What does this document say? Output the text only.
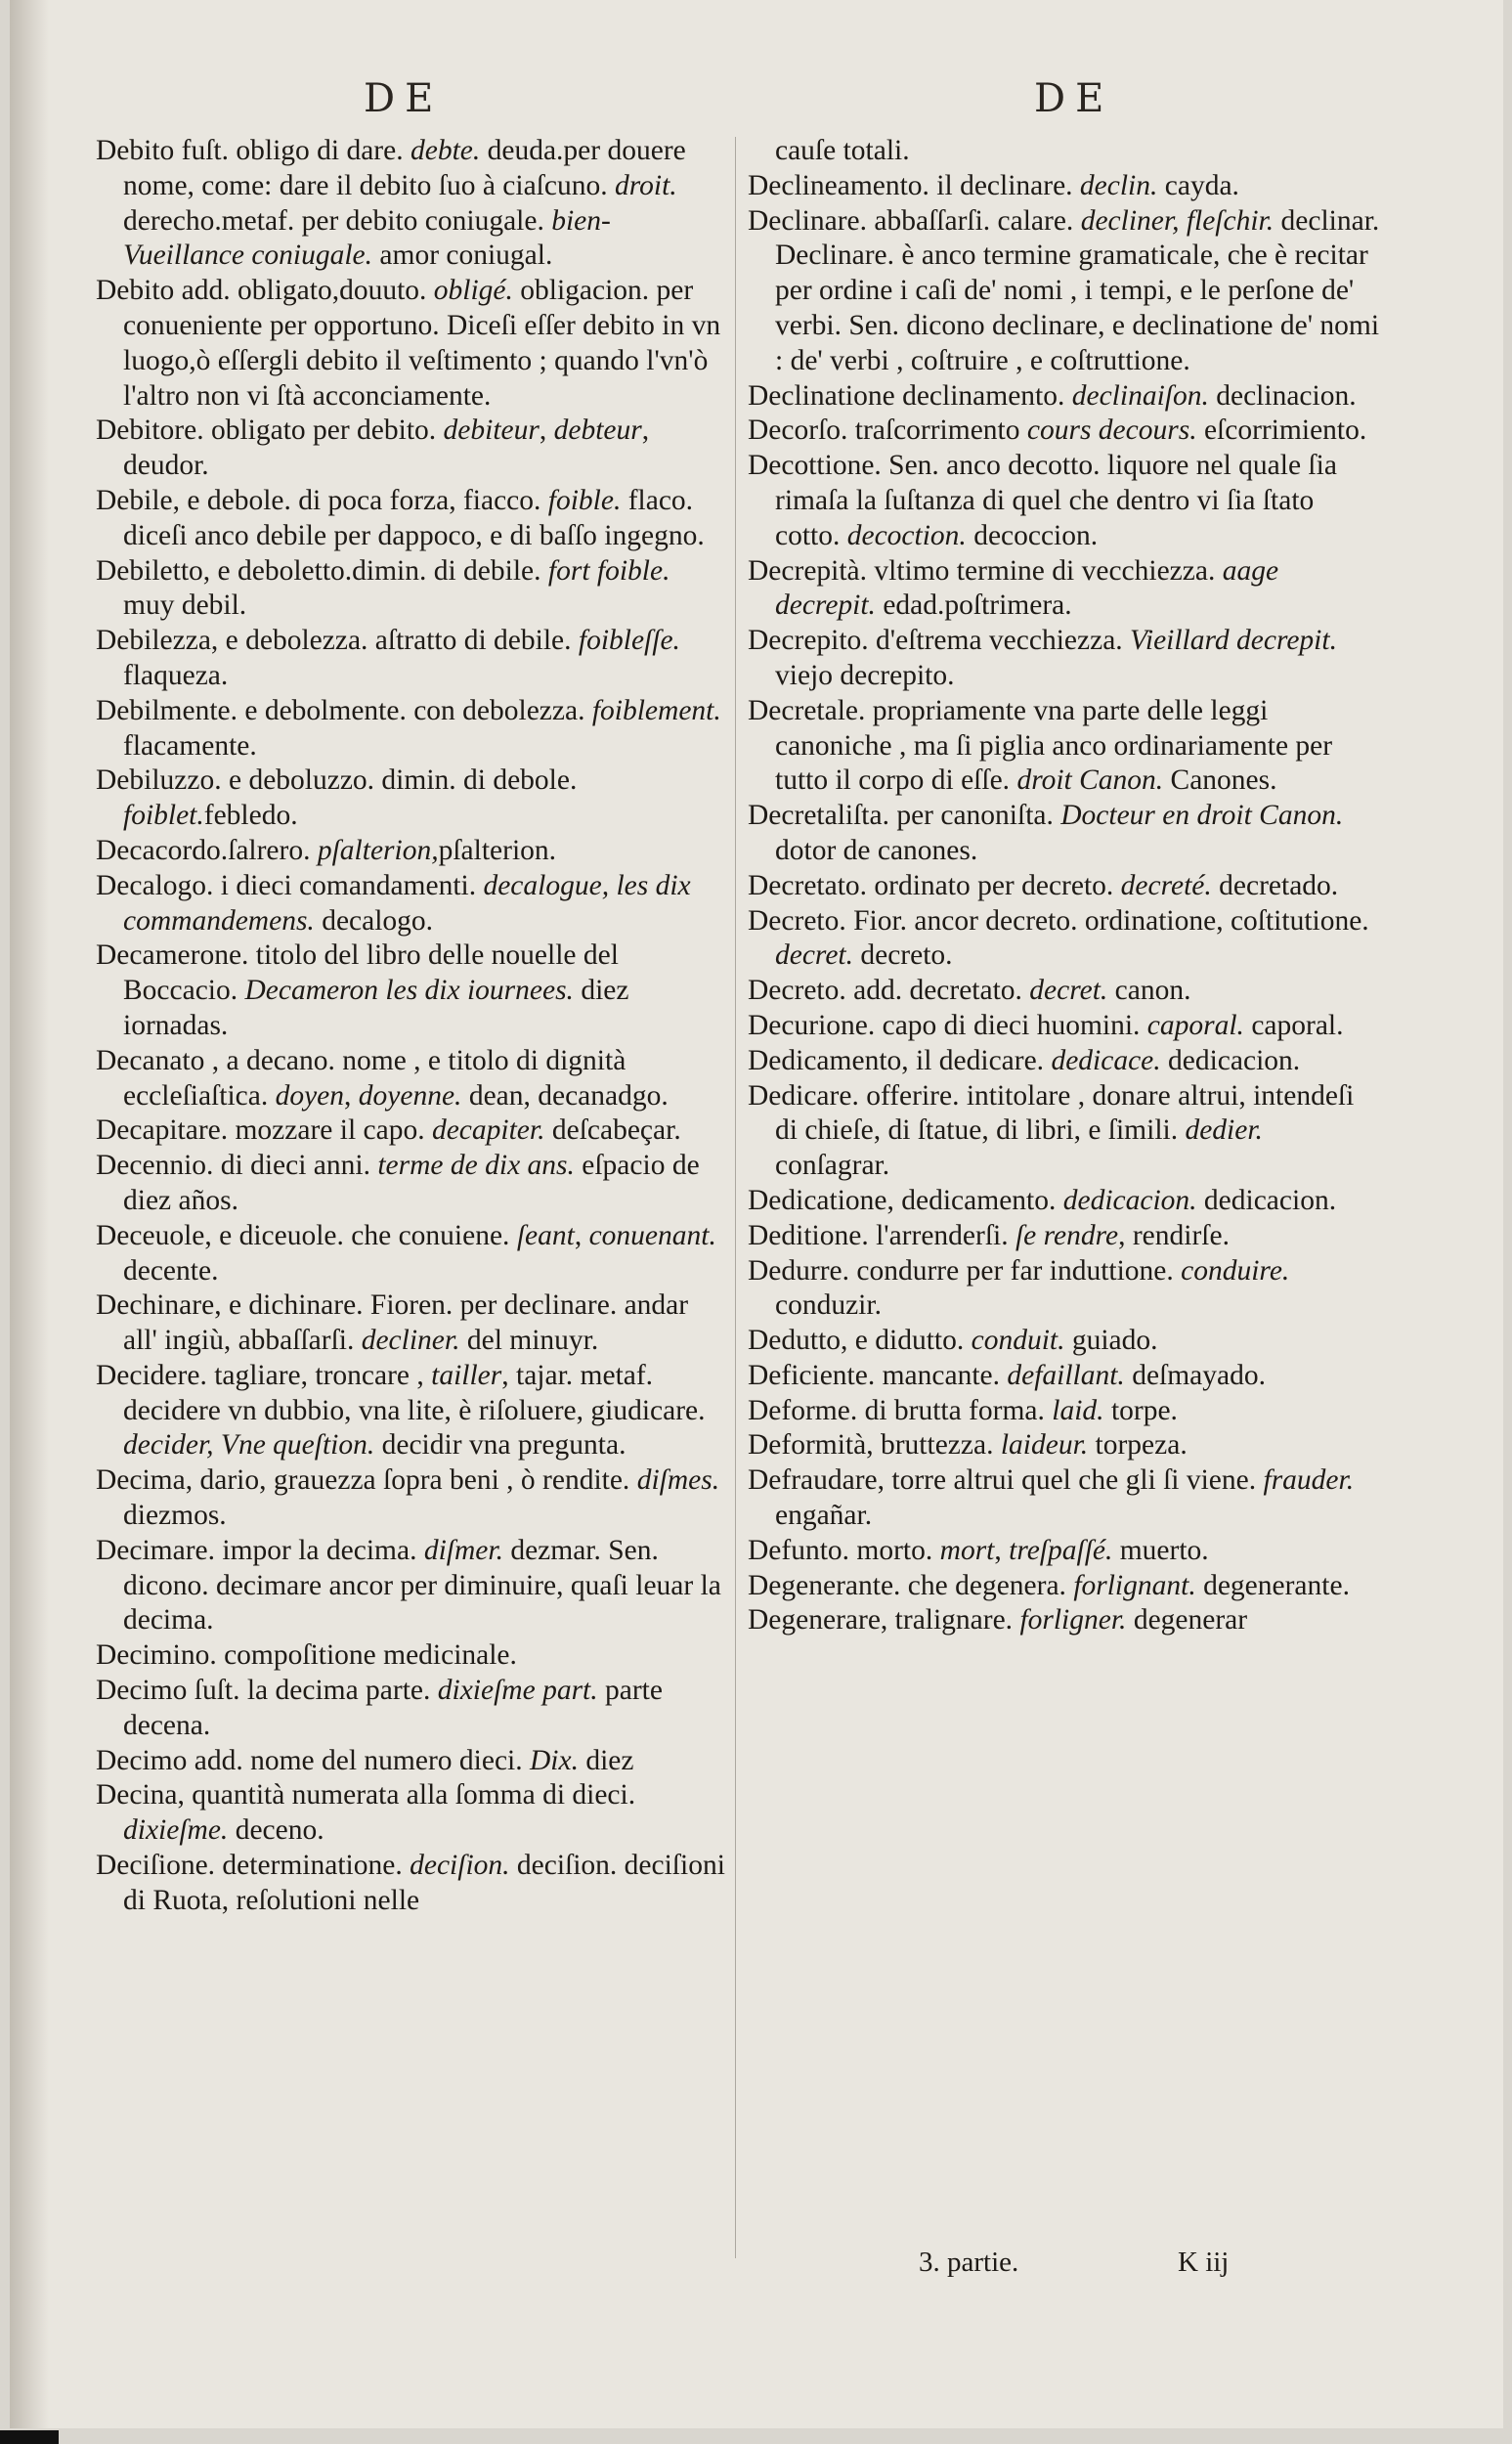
DE	DE
Debito fuſt. obligo di dare. debte. deuda.per douere nome, come: dare il debito ſuo à ciaſcuno. droit. derecho.metaf. per debito coniugale. bien-Vueillance coniugale. amor coniugal.
Debito add. obligato,douuto. obligé. obligacion. per conueniente per opportuno. Diceſi eſſer debito in vn luogo,ò eſſergli debito il veſtimento ; quando l'vn'ò l'altro non vi ſtà acconciamente.
Debitore. obligato per debito. debiteur, debteur, deudor.
Debile, e debole. di poca forza, fiacco. foible. flaco. diceſi anco debile per dappoco, e di baſſo ingegno.
Debiletto, e deboletto.dimin. di debile. fort foible. muy debil.
Debilezza, e debolezza. aſtratto di debile. foibleſſe. flaqueza.
Debilmente. e debolmente. con debolezza. foiblement. flacamente.
Debiluzzo. e deboluzzo. dimin. di debole. foiblet.febledo.
Decacordo.ſalrero. pſalterion,pſalterion.
Decalogo. i dieci comandamenti. decalogue, les dix commandemens. decalogo.
Decamerone. titolo del libro delle nouelle del Boccacio. Decameron les dix iournees. diez iornadas.
Decanato , a decano. nome , e titolo di dignità eccleſiaſtica. doyen, doyenne. dean, decanadgo.
Decapitare. mozzare il capo. decapiter. deſcabeçar.
Decennio. di dieci anni. terme de dix ans. eſpacio de diez años.
Deceuole, e diceuole. che conuiene. ſeant, conuenant. decente.
Dechinare, e dichinare. Fioren. per declinare. andar all' ingiù, abbaſſarſi. decliner. del minuyr.
Decidere. tagliare, troncare , tailler, tajar. metaf. decidere vn dubbio, vna lite, è riſoluere, giudicare. decider, Vne queſtion. decidir vna pregunta.
Decima, dario, grauezza ſopra beni , ò rendite. diſmes. diezmos.
Decimare. impor la decima. diſmer. dezmar. Sen. dicono. decimare ancor per diminuire, quaſi leuar la decima.
Decimino. compoſitione medicinale.
Decimo ſuſt. la decima parte. dixieſme part. parte decena.
Decimo add. nome del numero dieci. Dix. diez
Decina, quantità numerata alla ſomma di dieci. dixieſme. deceno.
Deciſione. determinatione. deciſion. deciſion. deciſioni di Ruota, reſolutioni nelle
cauſe totali.
Declineamento. il declinare. declin. cayda.
Declinare. abbaſſarſi. calare. decliner, fleſchir. declinar. Declinare. è anco termine gramaticale, che è recitar per ordine i caſi de' nomi , i tempi, e le perſone de' verbi. Sen. dicono declinare, e declinatione de' nomi : de' verbi , coſtruire , e coſtruttione.
Declinatione declinamento. declinaiſon. declinacion.
Decorſo. traſcorrimento cours decours. eſcorrimiento.
Decottione. Sen. anco decotto. liquore nel quale ſia rimaſa la ſuſtanza di quel che dentro vi ſia ſtato cotto. decoction. decoccion.
Decrepità. vltimo termine di vecchiezza. aage decrepit. edad.poſtrimera.
Decrepito. d'eſtrema vecchiezza. Vieillard decrepit. viejo decrepito.
Decretale. propriamente vna parte delle leggi canoniche , ma ſi piglia anco ordinariamente per tutto il corpo di eſſe. droit Canon. Canones.
Decretaliſta. per canoniſta. Docteur en droit Canon. dotor de canones.
Decretato. ordinato per decreto. decreté. decretado.
Decreto. Fior. ancor decreto. ordinatione, coſtitutione. decret. decreto.
Decreto. add. decretato. decret. canon.
Decurione. capo di dieci huomini. caporal. caporal.
Dedicamento, il dedicare. dedicace. dedicacion.
Dedicare. offerire. intitolare , donare altrui, intendeſi di chieſe, di ſtatue, di libri, e ſimili. dedier. conſagrar.
Dedicatione, dedicamento. dedicacion. dedicacion.
Deditione. l'arrenderſi. ſe rendre, rendirſe.
Dedurre. condurre per far induttione. conduire. conduzir.
Dedutto, e didutto. conduit. guiado.
Deficiente. mancante. defaillant. deſmayado.
Deforme. di brutta forma. laid. torpe.
Deformità, bruttezza. laideur. torpeza.
Defraudare, torre altrui quel che gli ſi viene. frauder. engañar.
Defunto. morto. mort, treſpaſſé. muerto.
Degenerante. che degenera. forlignant. degenerante.
Degenerare, tralignare. forligner. degenerar
3. partie.	K iij
